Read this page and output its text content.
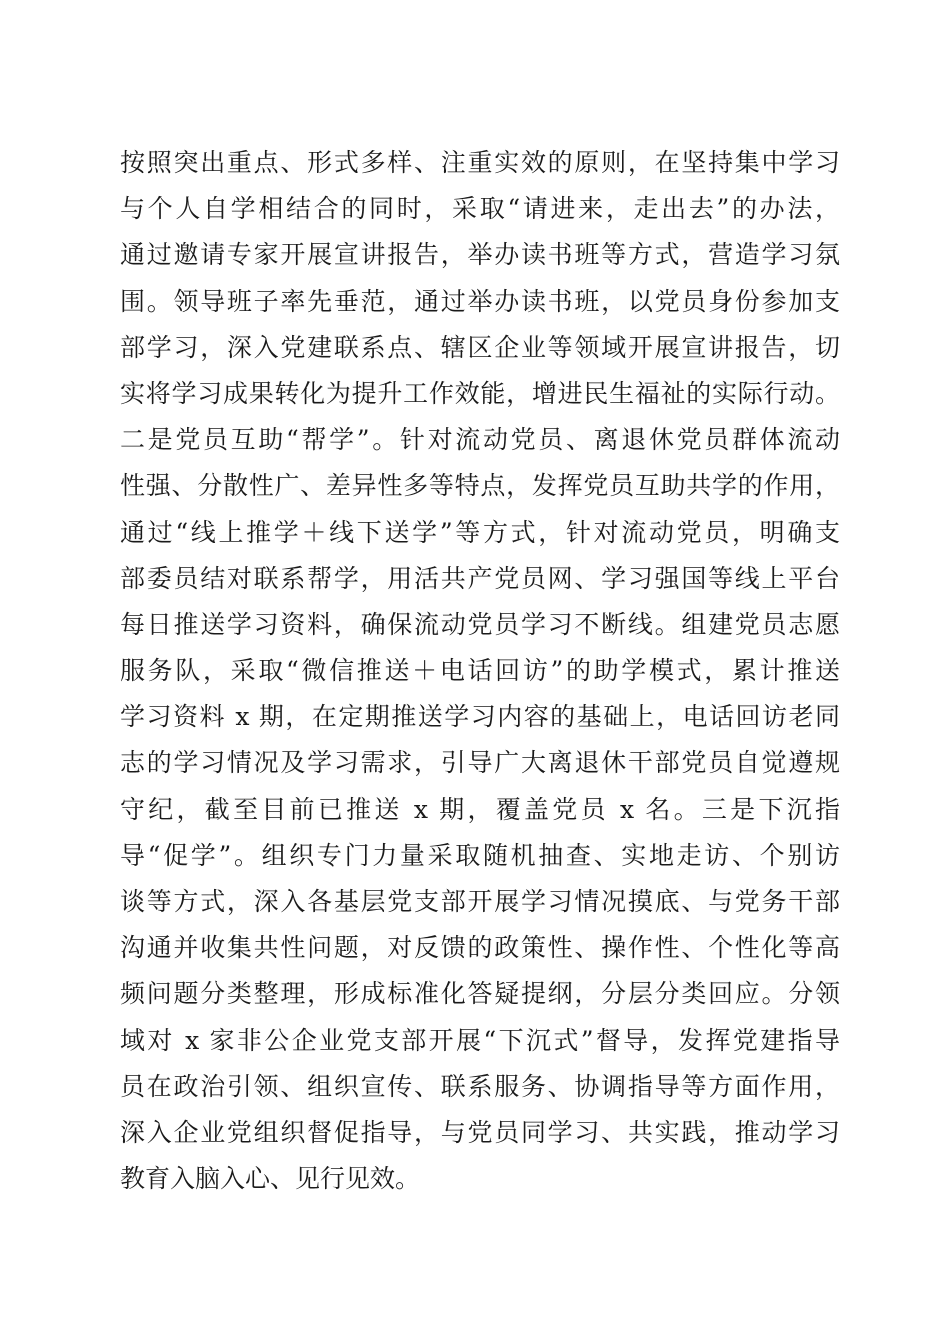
按照突出重点、形式多样、注重实效的原则，在坚持集中学习
与个人自学相结合的同时，采取“请进来，走出去”的办法，
通过邀请专家开展宣讲报告，举办读书班等方式，营造学习氛
围。领导班子率先垂范，通过举办读书班，以党员身份参加支
部学习，深入党建联系点、辖区企业等领域开展宣讲报告，切
实将学习成果转化为提升工作效能，增进民生福祉的实际行动。
二是党员互助“帮学”。针对流动党员、离退休党员群体流动
性强、分散性广、差异性多等特点，发挥党员互助共学的作用，
通过“线上推学＋线下送学”等方式，针对流动党员，明确支
部委员结对联系帮学，用活共产党员网、学习强国等线上平台
每日推送学习资料，确保流动党员学习不断线。组建党员志愿
服务队，采取“微信推送＋电话回访”的助学模式，累计推送
学习资料 x 期，在定期推送学习内容的基础上，电话回访老同
志的学习情况及学习需求，引导广大离退休干部党员自觉遵规
守纪，截至目前已推送 x 期，覆盖党员 x 名。三是下沉指
导“促学”。组织专门力量采取随机抽查、实地走访、个别访
谈等方式，深入各基层党支部开展学习情况摸底、与党务干部
沟通并收集共性问题，对反馈的政策性、操作性、个性化等高
频问题分类整理，形成标准化答疑提纲，分层分类回应。分领
域对 x 家非公企业党支部开展“下沉式”督导，发挥党建指导
员在政治引领、组织宣传、联系服务、协调指导等方面作用，
深入企业党组织督促指导，与党员同学习、共实践，推动学习
教育入脑入心、见行见效。
